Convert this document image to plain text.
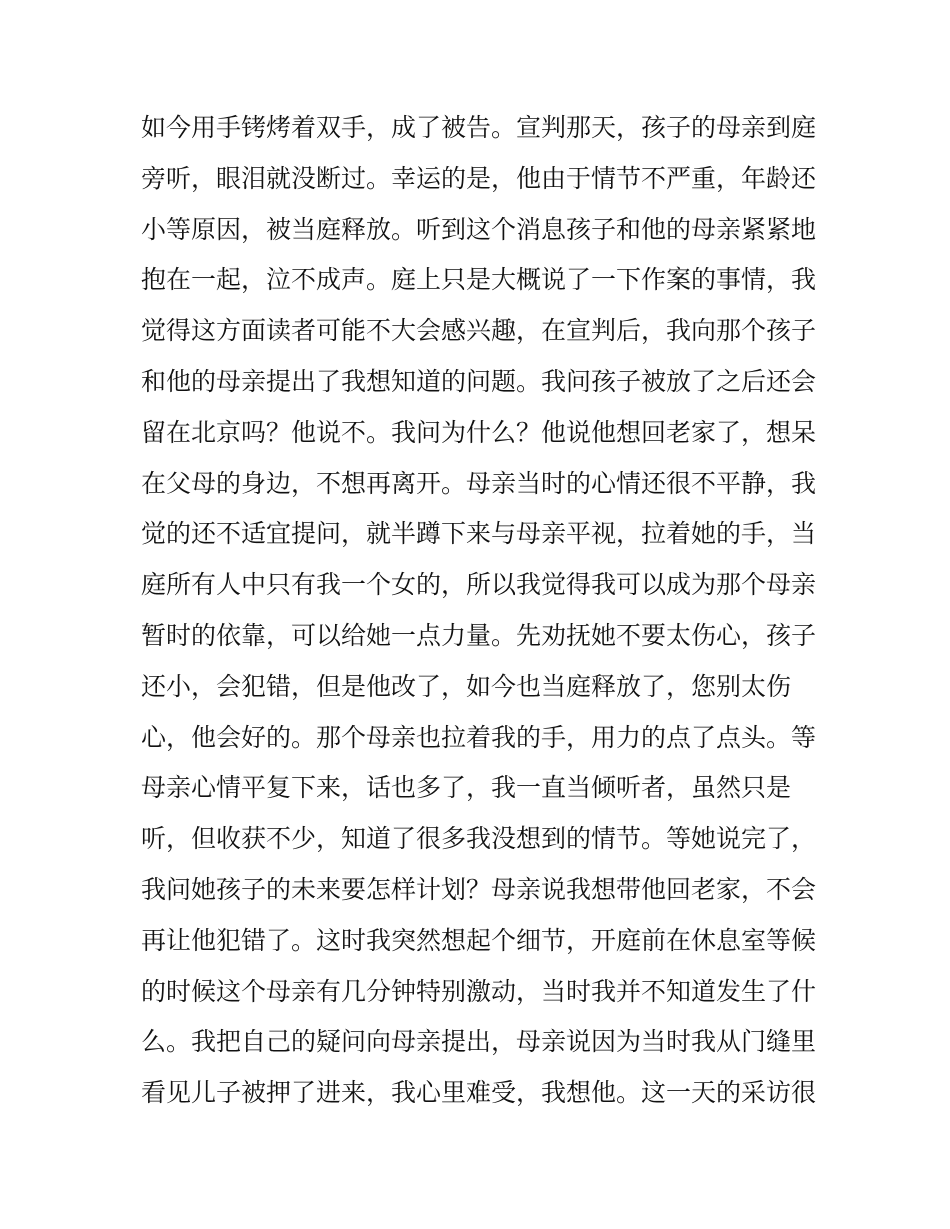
如今用手铐烤着双手，成了被告。宣判那天，孩子的母亲到庭
旁听，眼泪就没断过。幸运的是，他由于情节不严重，年龄还
小等原因，被当庭释放。听到这个消息孩子和他的母亲紧紧地
抱在一起，泣不成声。庭上只是大概说了一下作案的事情，我
觉得这方面读者可能不大会感兴趣，在宣判后，我向那个孩子
和他的母亲提出了我想知道的问题。我问孩子被放了之后还会
留在北京吗？他说不。我问为什么？他说他想回老家了，想呆
在父母的身边，不想再离开。母亲当时的心情还很不平静，我
觉的还不适宜提问，就半蹲下来与母亲平视，拉着她的手，当
庭所有人中只有我一个女的，所以我觉得我可以成为那个母亲
暂时的依靠，可以给她一点力量。先劝抚她不要太伤心，孩子
还小，会犯错，但是他改了，如今也当庭释放了，您别太伤
心，他会好的。那个母亲也拉着我的手，用力的点了点头。等
母亲心情平复下来，话也多了，我一直当倾听者，虽然只是
听，但收获不少，知道了很多我没想到的情节。等她说完了，
我问她孩子的未来要怎样计划？母亲说我想带他回老家，不会
再让他犯错了。这时我突然想起个细节，开庭前在休息室等候
的时候这个母亲有几分钟特别激动，当时我并不知道发生了什
么。我把自己的疑问向母亲提出，母亲说因为当时我从门缝里
看见儿子被押了进来，我心里难受，我想他。这一天的采访很
